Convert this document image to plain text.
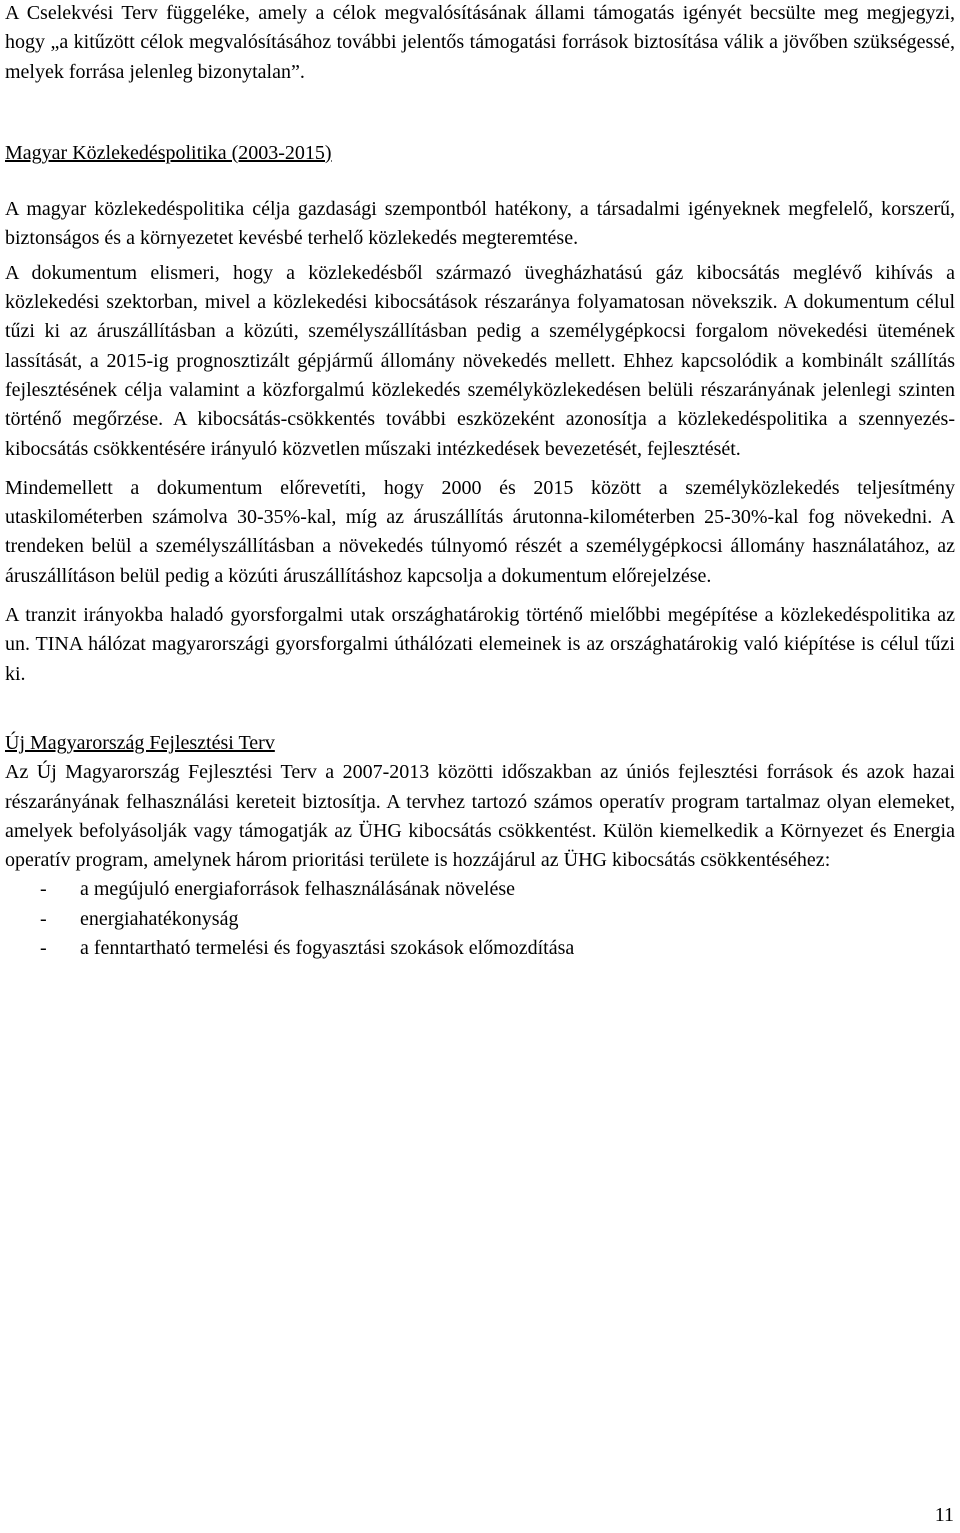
A Cselekvési Terv függeléke, amely a célok megvalósításának állami támogatás igényét becsülte meg megjegyzi, hogy „a kitűzött célok megvalósításához további jelentős támogatási források biztosítása válik a jövőben szükségessé, melyek forrása jelenleg bizonytalan”.

Magyar Közlekedéspolitika (2003-2015)

A magyar közlekedéspolitika célja gazdasági szempontból hatékony, a társadalmi igényeknek megfelelő, korszerű, biztonságos és a környezetet kevésbé terhelő közlekedés megteremtése.

A dokumentum elismeri, hogy a közlekedésből származó üvegházhatású gáz kibocsátás meglévő kihívás a közlekedési szektorban, mivel a közlekedési kibocsátások részaránya folyamatosan növekszik. A dokumentum célul tűzi ki az áruszállításban a közúti, személyszállításban pedig a személygépkocsi forgalom növekedési ütemének lassítását, a 2015-ig prognosztizált gépjármű állomány növekedés mellett. Ehhez kapcsolódik a kombinált szállítás fejlesztésének célja valamint a közforgalmú közlekedés személyközlekedésen belüli részarányának jelenlegi szinten történő megőrzése. A kibocsátás-csökkentés további eszközeként azonosítja a közlekedéspolitika a szennyezés-kibocsátás csökkentésére irányuló közvetlen műszaki intézkedések bevezetését, fejlesztését.

Mindemellett a dokumentum előrevetíti, hogy 2000 és 2015 között a személyközlekedés teljesítmény utaskilométerben számolva 30-35%-kal, míg az áruszállítás árutonna-kilométerben 25-30%-kal fog növekedni. A trendeken belül a személyszállításban a növekedés túlnyomó részét a személygépkocsi állomány használatához, az áruszállításon belül pedig a közúti áruszállításhoz kapcsolja a dokumentum előrejelzése.

A tranzit irányokba haladó gyorsforgalmi utak országhatárokig történő mielőbbi megépítése a közlekedéspolitika az un. TINA hálózat magyarországi gyorsforgalmi úthálózati elemeinek is az országhatárokig való kiépítése is célul tűzi ki.

Új Magyarország Fejlesztési Terv

Az Új Magyarország Fejlesztési Terv a 2007-2013 közötti időszakban az úniós fejlesztési források és azok hazai részarányának felhasználási kereteit biztosítja. A tervhez tartozó számos operatív program tartalmaz olyan elemeket, amelyek befolyásolják vagy támogatják az ÜHG kibocsátás csökkentést. Külön kiemelkedik a Környezet és Energia operatív program, amelynek három prioritási területe is hozzájárul az ÜHG kibocsátás csökkentéséhez:

- a megújuló energiaforrások felhasználásának növelése
- energiahatékonyság
- a fenntartható termelési és fogyasztási szokások előmozdítása
11
